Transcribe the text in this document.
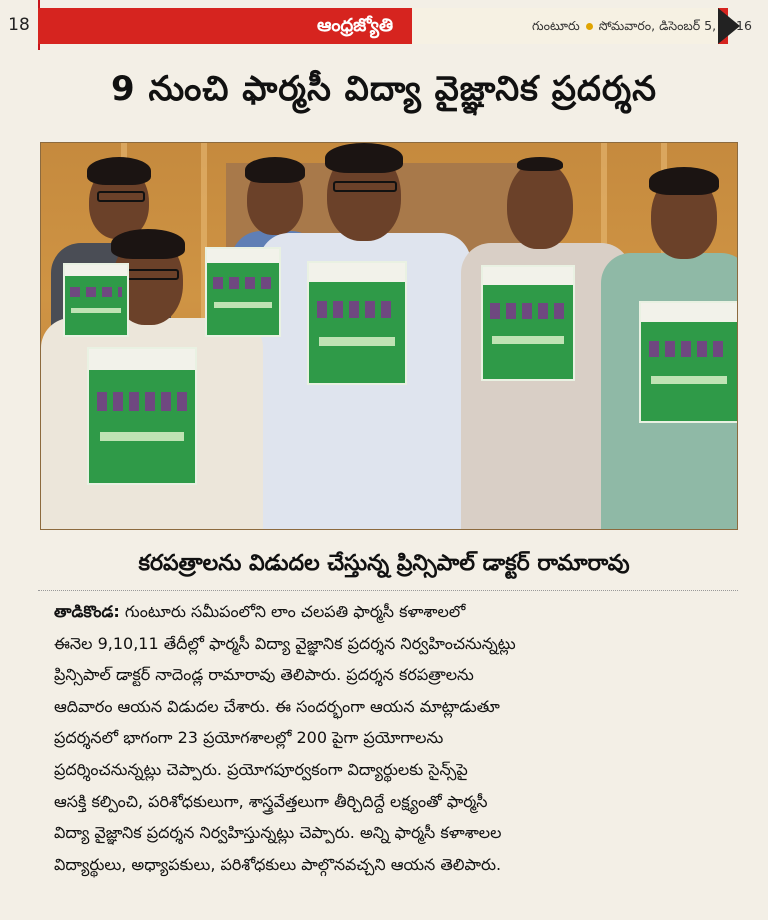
18	ఆంధ్రజ్యోతి	గుంటూరు సోమవారం, డిసెంబర్ 5, 2016
9 నుంచి ఫార్మసీ విద్యా వైజ్ఞానిక ప్రదర్శన
కరపత్రాలను విడుదల చేస్తున్న ప్రిన్సిపాల్ డాక్టర్ రామారావు
తాడికొండ: గుంటూరు సమీపంలోని లాం చలపతి ఫార్మసీ కళాశాలలో
ఈనెల 9,10,11 తేదీల్లో ఫార్మసీ విద్యా వైజ్ఞానిక ప్రదర్శన నిర్వహించనున్నట్లు
ప్రిన్సిపాల్ డాక్టర్ నాదెండ్ల రామారావు తెలిపారు. ప్రదర్శన కరపత్రాలను
ఆదివారం ఆయన విడుదల చేశారు. ఈ సందర్భంగా ఆయన మాట్లాడుతూ
ప్రదర్శనలో భాగంగా 23 ప్రయోగశాలల్లో 200 పైగా ప్రయోగాలను
ప్రదర్శించనున్నట్లు చెప్పారు. ప్రయోగపూర్వకంగా విద్యార్థులకు సైన్స్‌పై
ఆసక్తి కల్పించి, పరిశోధకులుగా, శాస్త్రవేత్తలుగా తీర్చిదిద్దే లక్ష్యంతో ఫార్మసీ
విద్యా వైజ్ఞానిక ప్రదర్శన నిర్వహిస్తున్నట్లు చెప్పారు. అన్ని ఫార్మసీ కళాశాలల
విద్యార్థులు, అధ్యాపకులు, పరిశోధకులు పాల్గొనవచ్చని ఆయన తెలిపారు.
